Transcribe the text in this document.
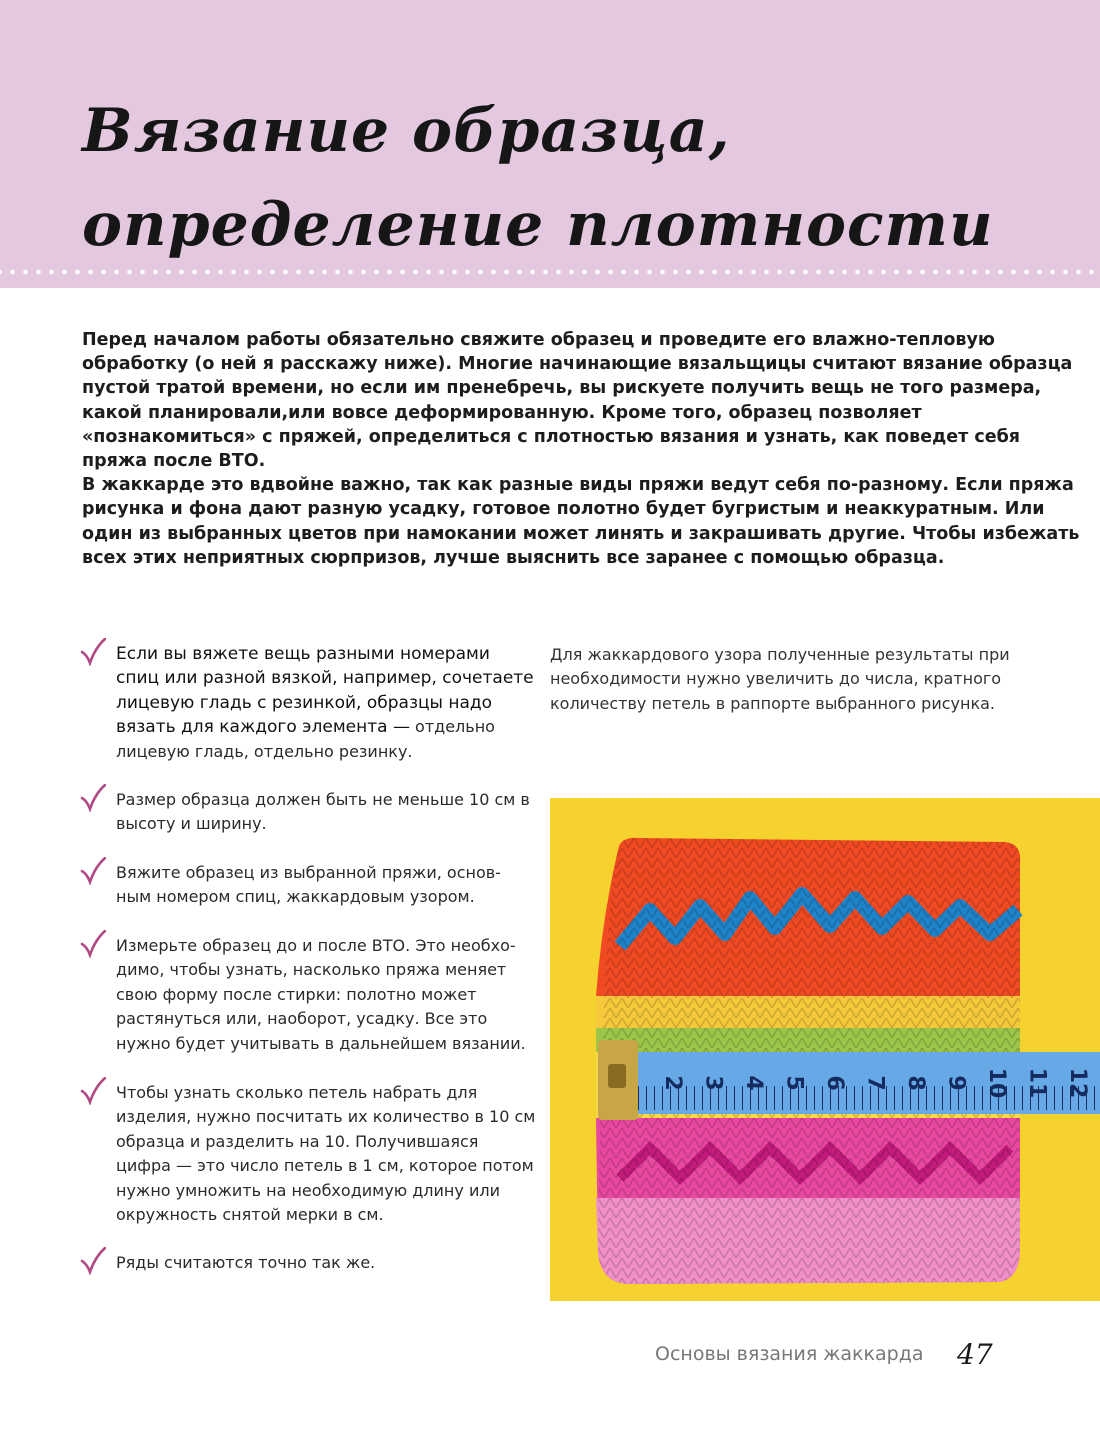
Вязание образца,
определение плотности

Перед началом работы обязательно свяжите образец и проведите его влажно-тепловую обработку (о ней я расскажу ниже). Многие начинающие вязальщицы считают вязание образца пустой тратой времени, но если им пренебречь, вы рискуете получить вещь не того размера, какой планировали,или вовсе деформированную. Кроме того, образец позволяет «познакомиться» с пряжей, определиться с плотностью вязания и узнать, как поведет себя пряжа после ВТО.

В жаккарде это вдвойне важно, так как разные виды пряжи ведут себя по-разному. Если пряжа рисунка и фона дают разную усадку, готовое полотно будет бугристым и неаккуратным. Или один из выбранных цветов при намокании может линять и закрашивать другие. Чтобы избежать всех этих неприятных сюрпризов, лучше выяснить все заранее с помощью образца.

Если вы вяжете вещь разными номерами спиц или разной вязкой, например, сочетаете лицевую гладь с резинкой, образцы надо вязать для каждого элемента — отдельно лицевую гладь, отдельно резинку.
Размер образца должен быть не меньше 10 см в высоту и ширину.
Вяжите образец из выбранной пряжи, основ-ным номером спиц, жаккардовым узором.
Измерьте образец до и после ВТО. Это необхо-димо, чтобы узнать, насколько пряжа меняет свою форму после стирки: полотно может растянуться или, наоборот, усадку. Все это нужно будет учитывать в дальнейшем вязании.
Чтобы узнать сколько петель набрать для изделия, нужно посчитать их количество в 10 см образца и разделить на 10. Получившаяся цифра — это число петель в 1 см, которое потом нужно умножить на необходимую длину или окружность снятой мерки в см.
Ряды считаются точно так же.
Для жаккардового узора полученные результаты при необходимости нужно увеличить до числа, кратного количеству петель в раппорте выбранного рисунка.
2 3 4 5 6 7 8 9 10 11 12
Основы вязания жаккарда 47
